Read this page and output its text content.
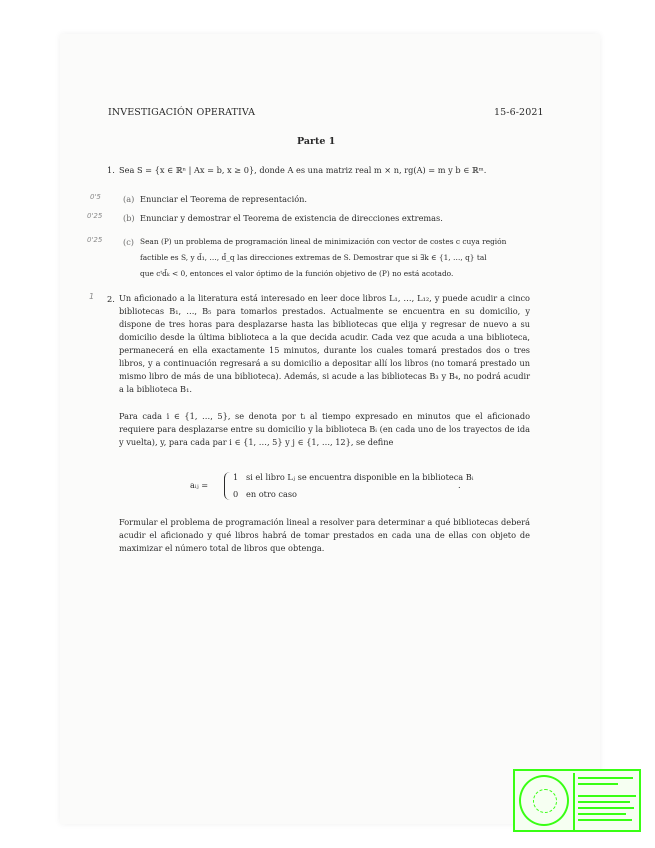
INVESTIGACIÓN OPERATIVA	15-6-2021
Parte 1
1. Sea S = {x ∈ ℝⁿ | Ax = b, x ≥ 0}, donde A es una matriz real m × n, rg(A) = m y b ∈ ℝᵐ.
0'5	(a) Enunciar el Teorema de representación.
0'25	(b) Enunciar y demostrar el Teorema de existencia de direcciones extremas.
0'25	(c) Sean (P) un problema de programación lineal de minimización con vector de costes c cuya región
factible es S, y d̄₁, …, d̄_q las direcciones extremas de S. Demostrar que si ∃k ∈ {1, …, q} tal
que cᵗd̄ₖ < 0, entonces el valor óptimo de la función objetivo de (P) no está acotado.
1 2. Un aficionado a la literatura está interesado en leer doce libros L₁, …, L₁₂, y puede acudir a cinco bibliotecas B₁, …, B₅ para tomarlos prestados. Actualmente se encuentra en su domicilio, y dispone de tres horas para desplazarse hasta las bibliotecas que elija y regresar de nuevo a su domicilio desde la última biblioteca a la que decida acudir. Cada vez que acuda a una biblioteca, permanecerá en ella exactamente 15 minutos, durante los cuales tomará prestados dos o tres libros, y a continuación regresará a su domicilio a depositar allí los libros (no tomará prestado un mismo libro de más de una biblioteca). Además, si acude a las bibliotecas B₃ y B₄, no podrá acudir a la biblioteca B₁.
Para cada i ∈ {1, …, 5}, se denota por tᵢ al tiempo expresado en minutos que el aficionado requiere para desplazarse entre su domicilio y la biblioteca Bᵢ (en cada uno de los trayectos de ida y vuelta), y, para cada par i ∈ {1, …, 5} y j ∈ {1, …, 12}, se define
aᵢⱼ =
1 si el libro Lⱼ se encuentra disponible en la biblioteca Bᵢ
0 en otro caso
.
Formular el problema de programación lineal a resolver para determinar a qué bibliotecas deberá acudir el aficionado y qué libros habrá de tomar prestados en cada una de ellas con objeto de maximizar el número total de libros que obtenga.
